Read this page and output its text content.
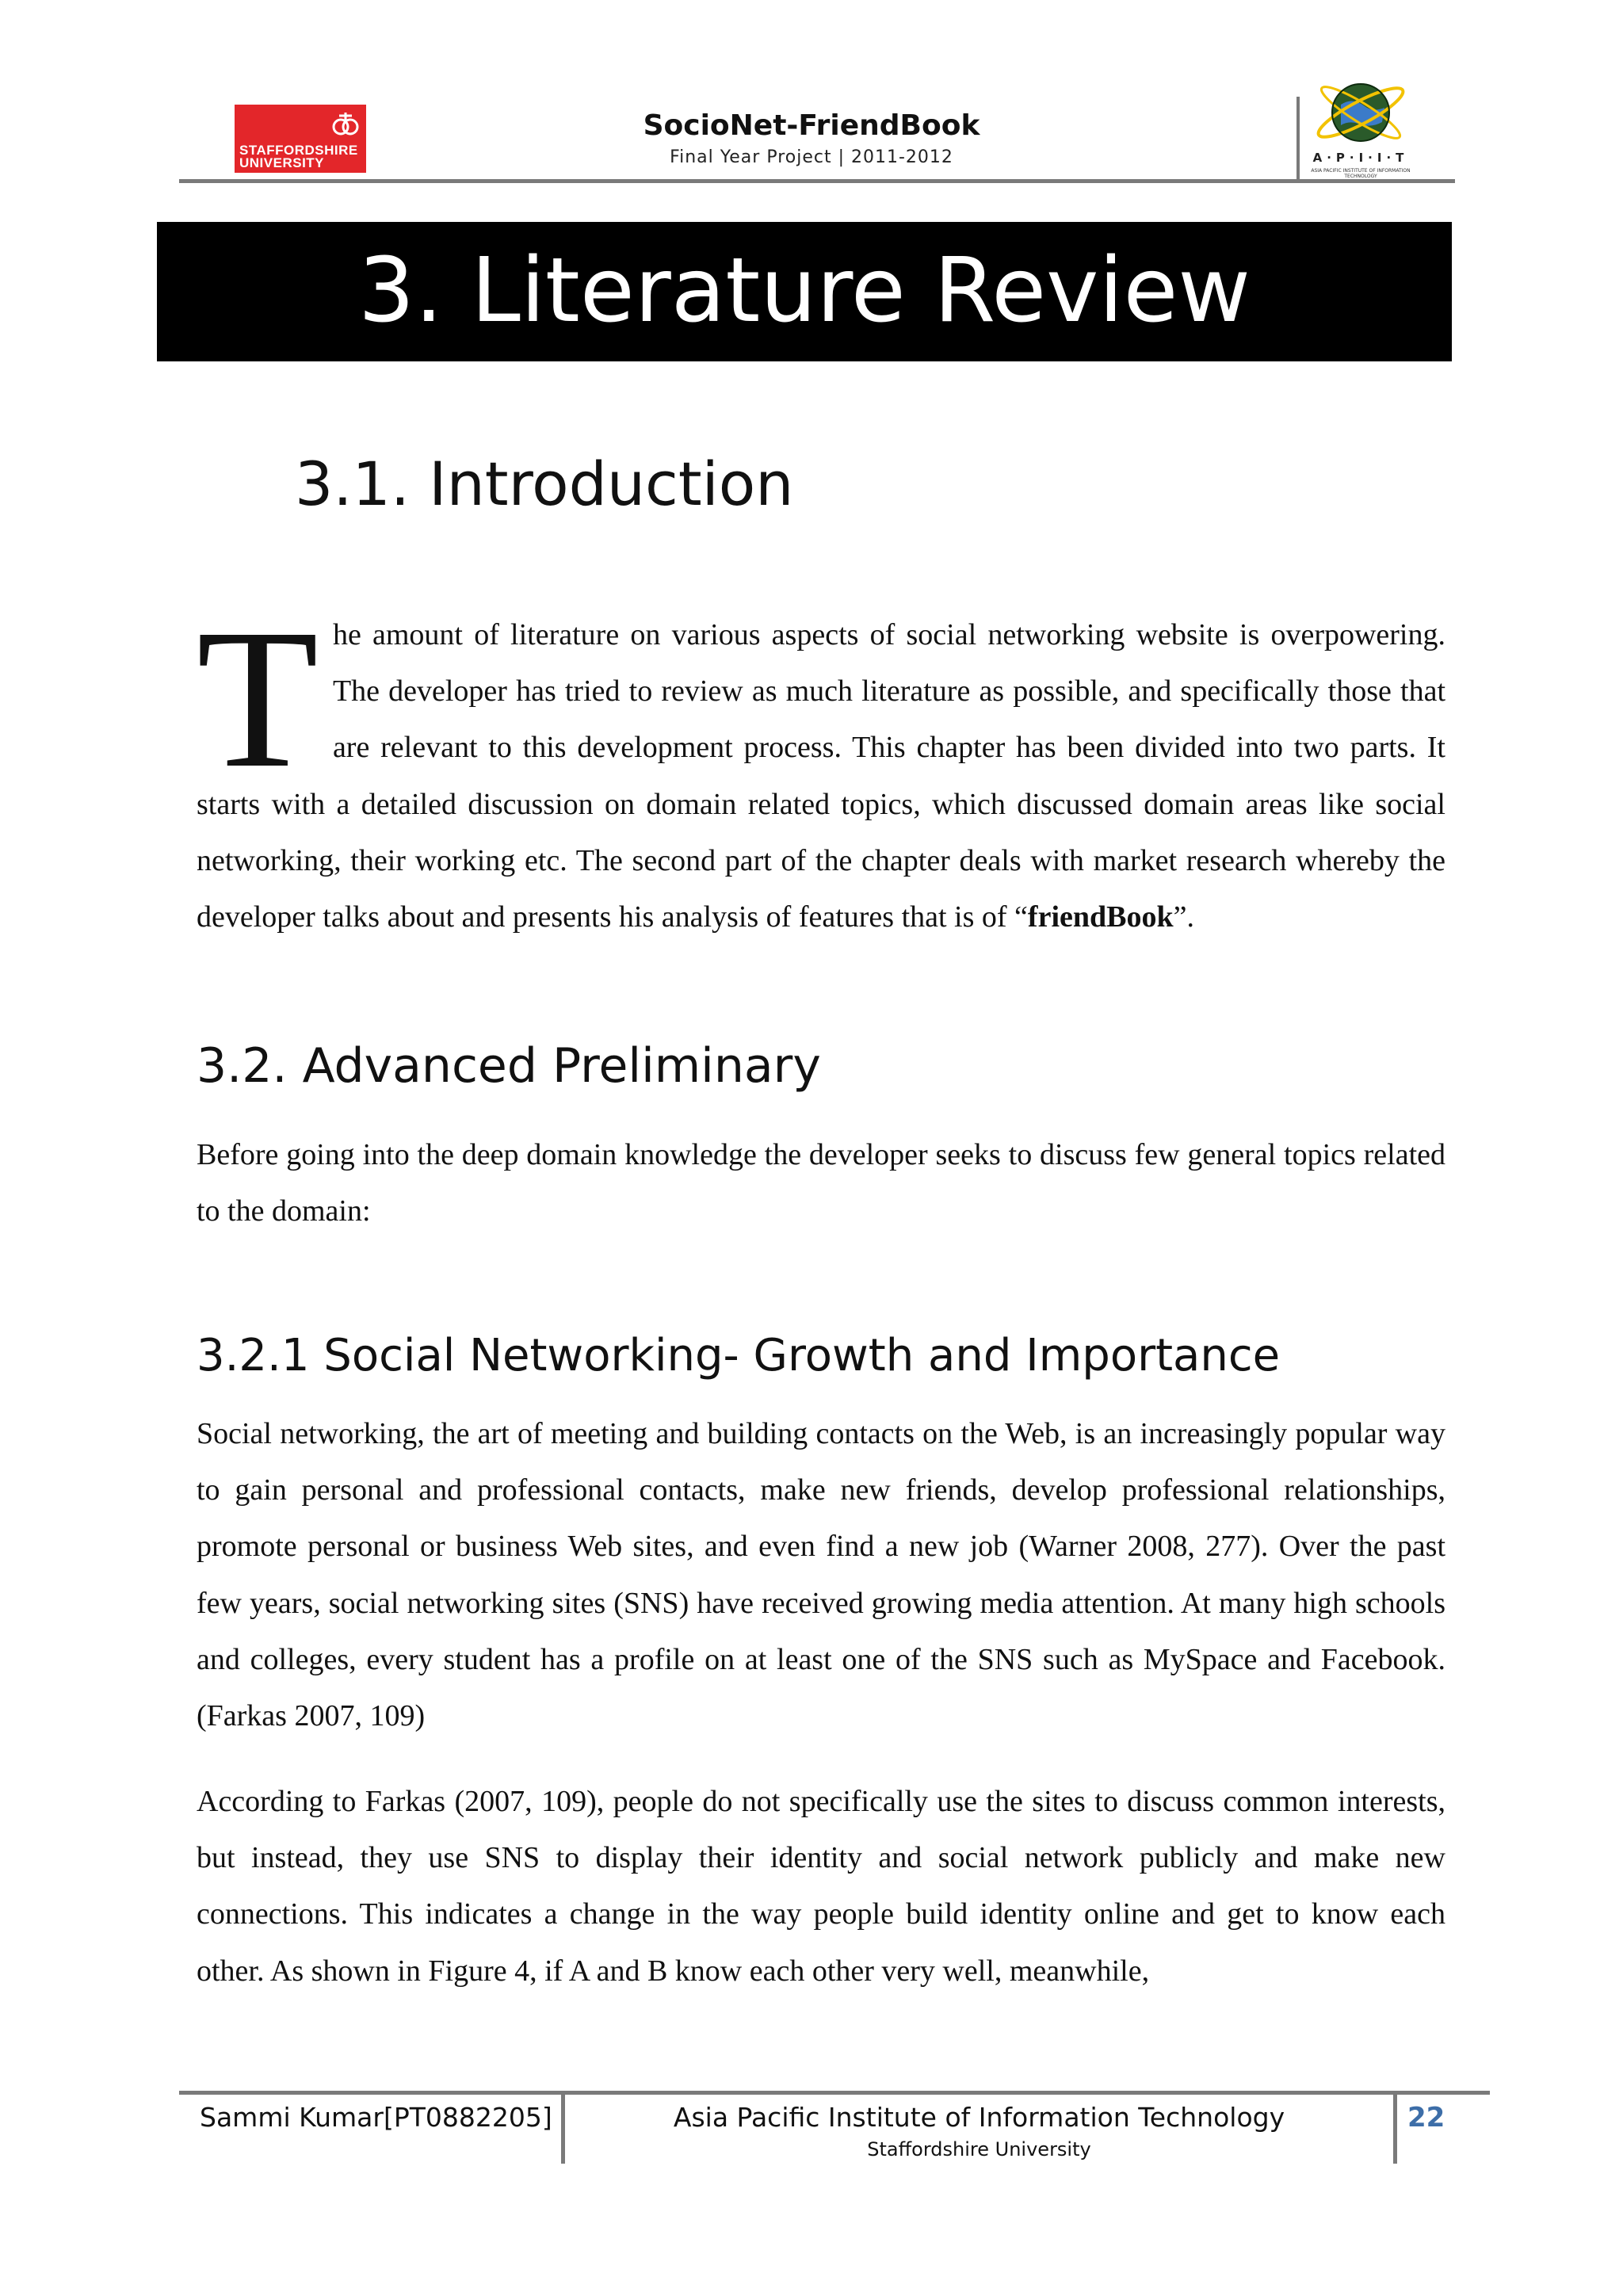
STAFFORDSHIRE
UNIVERSITY
SocioNet-FriendBook
Final Year Project | 2011-2012	A·P·I·I·T
ASIA PACIFIC INSTITUTE OF INFORMATION TECHNOLOGY
3. Literature Review
3.1. Introduction

The amount of literature on various aspects of social networking website is overpowering. The developer has tried to review as much literature as possible, and specifically those that are relevant to this development process. This chapter has been divided into two parts. It starts with a detailed discussion on domain related topics, which discussed domain areas like social networking, their working etc. The second part of the chapter deals with market research whereby the developer talks about and presents his analysis of features that is of “friendBook”.

3.2. Advanced Preliminary

Before going into the deep domain knowledge the developer seeks to discuss few general topics related to the domain:

3.2.1 Social Networking- Growth and Importance

Social networking, the art of meeting and building contacts on the Web, is an increasingly popular way to gain personal and professional contacts, make new friends, develop professional relationships, promote personal or business Web sites, and even find a new job (Warner 2008, 277). Over the past few years, social networking sites (SNS) have received growing media attention. At many high schools and colleges, every student has a profile on at least one of the SNS such as MySpace and Facebook. (Farkas 2007, 109)

According to Farkas (2007, 109), people do not specifically use the sites to discuss common interests, but instead, they use SNS to display their identity and social network publicly and make new connections. This indicates a change in the way people build identity online and get to know each other. As shown in Figure 4, if A and B know each other very well, meanwhile,

Sammi Kumar[PT0882205]	Asia Pacific Institute of Information Technology
Staffordshire University
22
